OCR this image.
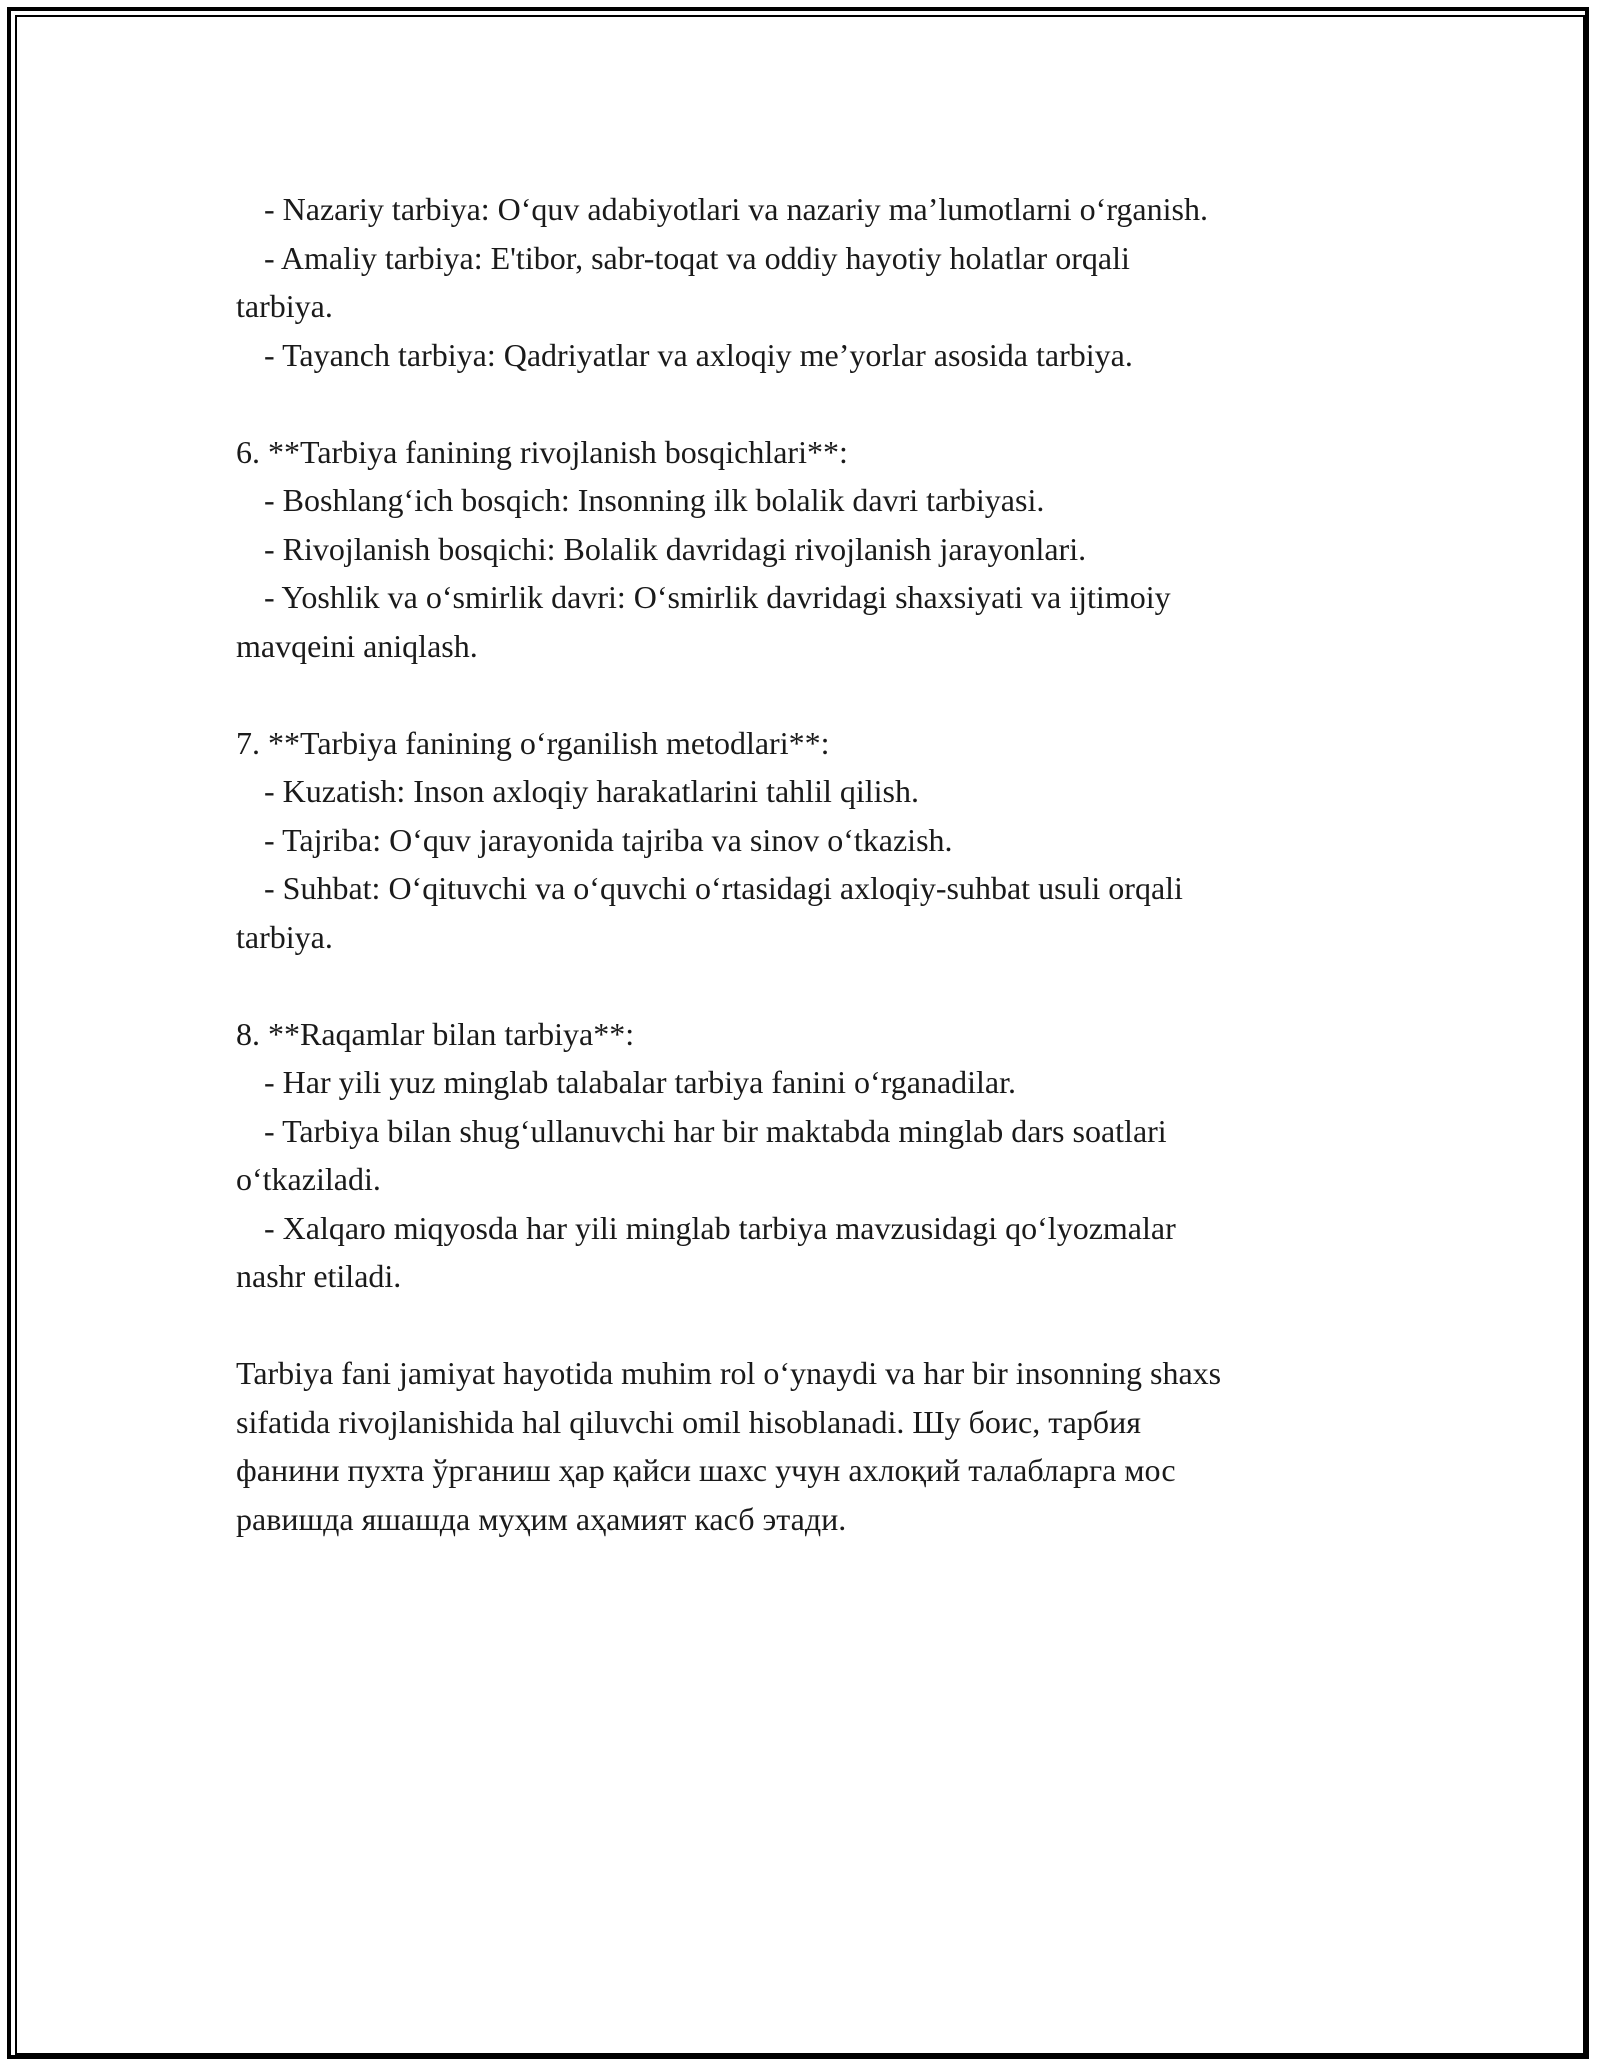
- Nazariy tarbiya: O‘quv adabiyotlari va nazariy ma’lumotlarni o‘rganish.

- Amaliy tarbiya: E'tibor, sabr-toqat va oddiy hayotiy holatlar orqali

tarbiya.

- Tayanch tarbiya: Qadriyatlar va axloqiy me’yorlar asosida tarbiya.

6. **Tarbiya fanining rivojlanish bosqichlari**:

- Boshlang‘ich bosqich: Insonning ilk bolalik davri tarbiyasi.

- Rivojlanish bosqichi: Bolalik davridagi rivojlanish jarayonlari.

- Yoshlik va o‘smirlik davri: O‘smirlik davridagi shaxsiyati va ijtimoiy

mavqeini aniqlash.

7. **Tarbiya fanining o‘rganilish metodlari**:

- Kuzatish: Inson axloqiy harakatlarini tahlil qilish.

- Tajriba: O‘quv jarayonida tajriba va sinov o‘tkazish.

- Suhbat: O‘qituvchi va o‘quvchi o‘rtasidagi axloqiy-suhbat usuli orqali

tarbiya.

8. **Raqamlar bilan tarbiya**:

- Har yili yuz minglab talabalar tarbiya fanini o‘rganadilar.

- Tarbiya bilan shug‘ullanuvchi har bir maktabda minglab dars soatlari

o‘tkaziladi.

- Xalqaro miqyosda har yili minglab tarbiya mavzusidagi qo‘lyozmalar

nashr etiladi.

Tarbiya fani jamiyat hayotida muhim rol o‘ynaydi va har bir insonning shaxs

sifatida rivojlanishida hal qiluvchi omil hisoblanadi. Шу боис, тарбия

фанини пухта ўрганиш ҳар қайси шахс учун ахлоқий талабларга мос

равишда яшашда муҳим аҳамият касб этади.
